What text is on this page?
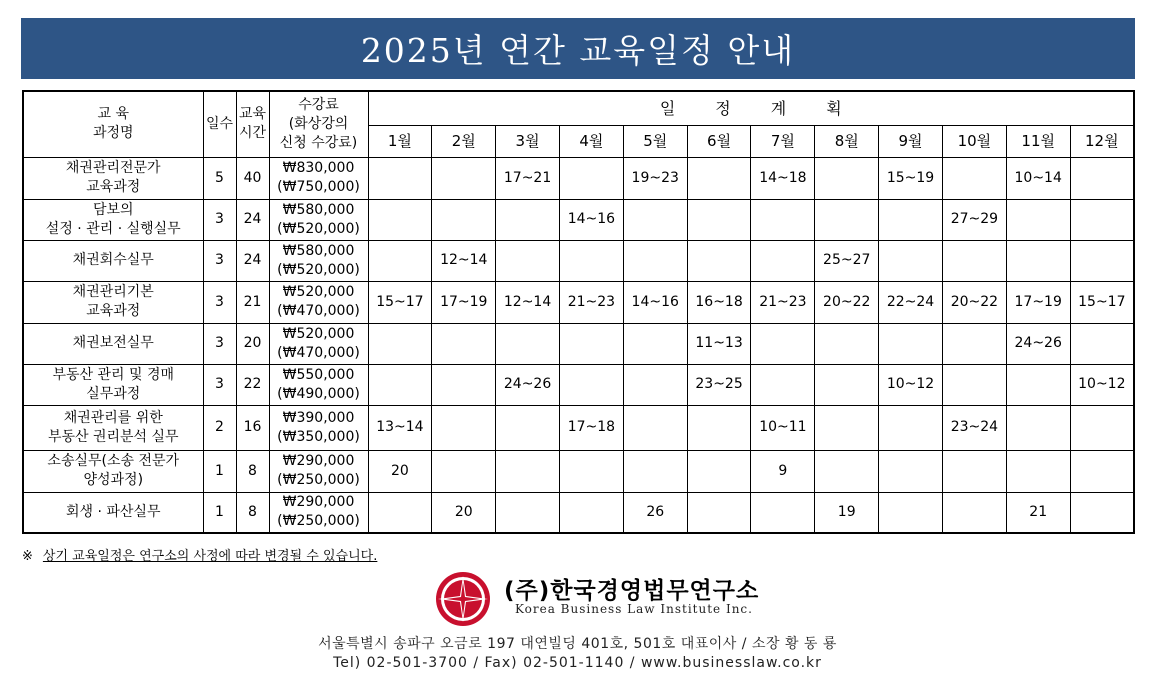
2025년 연간 교육일정 안내
교 육
과정명	일수	교육
시간	수강료
(화상강의
신청 수강료)	일정계획											
				1월	2월	3월	4월	5월	6월	7월	8월	9월	10월	11월	12월

채권관리전문가
교육과정	5	40	₩830,000
(₩750,000)			17~21		19~23		14~18		15~19		10~14	

담보의
설정 · 관리 · 실행실무	3	24	₩580,000
(₩520,000)				14~16						27~29		

채권회수실무	3	24	₩580,000
(₩520,000)		12~14						25~27				

채권관리기본
교육과정	3	21	₩520,000
(₩470,000)	15~17	17~19	12~14	21~23	14~16	16~18	21~23	20~22	22~24	20~22	17~19	15~17

채권보전실무	3	20	₩520,000
(₩470,000)						11~13					24~26	

부동산 관리 및 경매
실무과정	3	22	₩550,000
(₩490,000)			24~26			23~25			10~12			10~12

채권관리를 위한
부동산 권리분석 실무	2	16	₩390,000
(₩350,000)	13~14			17~18			10~11			23~24		

소송실무(소송 전문가
양성과정)	1	8	₩290,000
(₩250,000)	20						9					

회생 · 파산실무	1	8	₩290,000
(₩250,000)		20			26			19			21	
※ 상기 교육일정은 연구소의 사정에 따라 변경될 수 있습니다.
(주)한국경영법무연구소
Korea Business Law Institute Inc.
서울특별시 송파구 오금로 197 대연빌딩 401호, 501호 대표이사 / 소장 황 동 룡
Tel) 02-501-3700 / Fax) 02-501-1140 / www.businesslaw.co.kr
